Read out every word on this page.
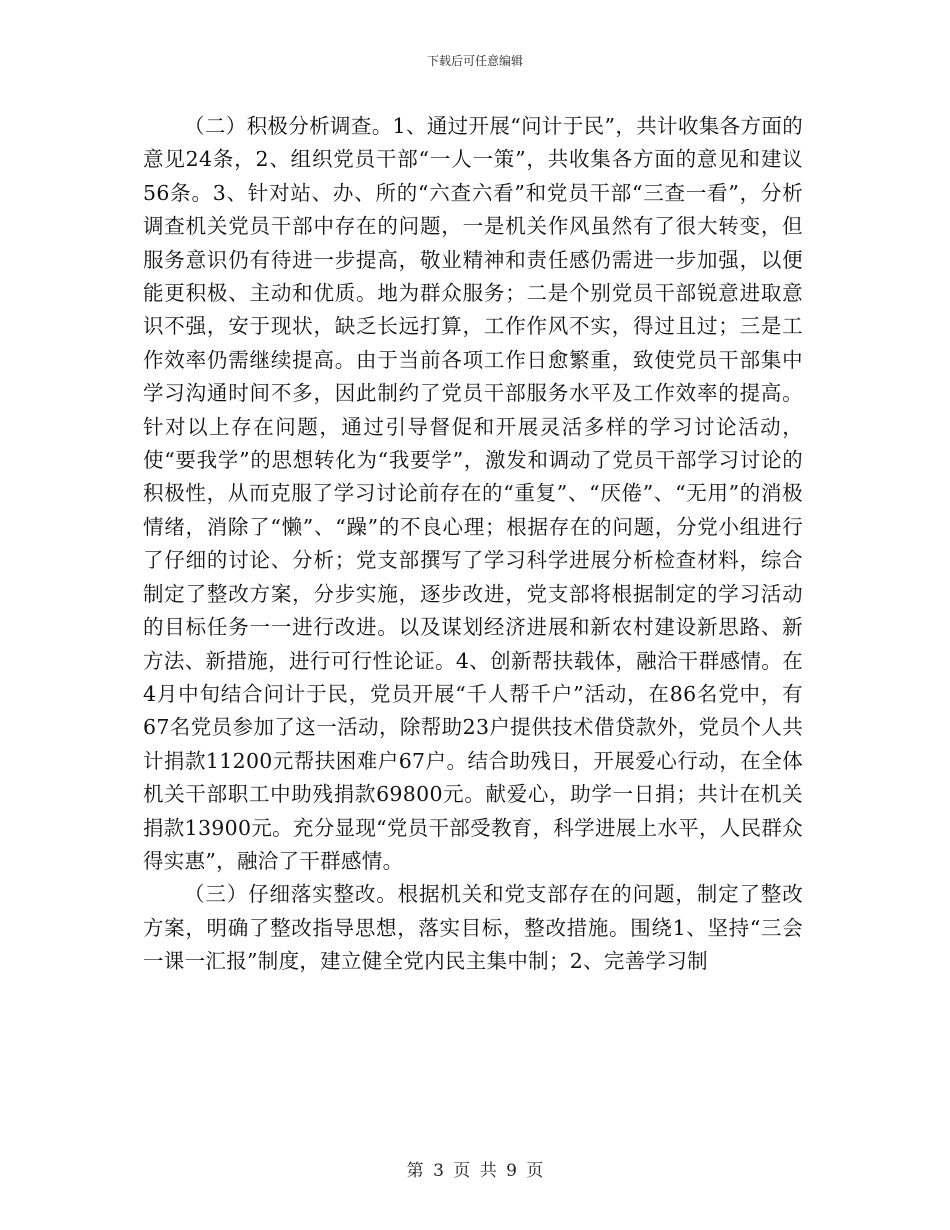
下载后可任意编辑

（二）积极分析调查。1、通过开展“问计于民”，共计收集各方面的意见24条，2、组织党员干部“一人一策”，共收集各方面的意见和建议56条。3、针对站、办、所的“六查六看”和党员干部“三查一看”，分析调查机关党员干部中存在的问题，一是机关作风虽然有了很大转变，但服务意识仍有待进一步提高，敬业精神和责任感仍需进一步加强，以便能更积极、主动和优质。地为群众服务；二是个别党员干部锐意进取意识不强，安于现状，缺乏长远打算，工作作风不实，得过且过；三是工作效率仍需继续提高。由于当前各项工作日愈繁重，致使党员干部集中学习沟通时间不多，因此制约了党员干部服务水平及工作效率的提高。针对以上存在问题，通过引导督促和开展灵活多样的学习讨论活动，使“要我学”的思想转化为“我要学”，激发和调动了党员干部学习讨论的积极性，从而克服了学习讨论前存在的“重复”、“厌倦”、“无用”的消极情绪，消除了“懒”、“躁”的不良心理；根据存在的问题，分党小组进行了仔细的讨论、分析；党支部撰写了学习科学进展分析检查材料，综合制定了整改方案，分步实施，逐步改进，党支部将根据制定的学习活动的目标任务一一进行改进。以及谋划经济进展和新农村建设新思路、新方法、新措施，进行可行性论证。4、创新帮扶载体，融洽干群感情。在4月中旬结合问计于民，党员开展“千人帮千户”活动，在86名党中，有67名党员参加了这一活动，除帮助23户提供技术借贷款外，党员个人共计捐款11200元帮扶困难户67户。结合助残日，开展爱心行动，在全体机关干部职工中助残捐款69800元。献爱心，助学一日捐；共计在机关捐款13900元。充分显现“党员干部受教育，科学进展上水平，人民群众得实惠”，融洽了干群感情。

（三）仔细落实整改。根据机关和党支部存在的问题，制定了整改方案，明确了整改指导思想，落实目标，整改措施。围绕1、坚持“三会一课一汇报”制度，建立健全党内民主集中制；2、完善学习制

第 3 页 共 9 页
